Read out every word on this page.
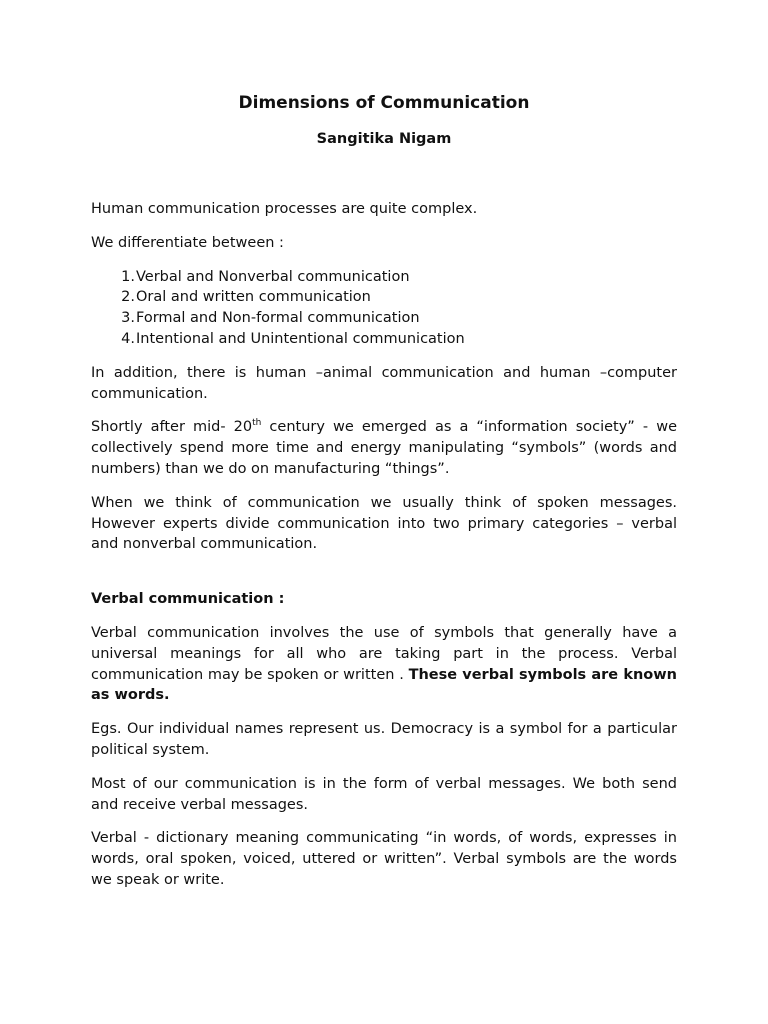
Dimensions of Communication
Sangitika Nigam

Human communication processes are quite complex.

We differentiate between :

1. Verbal and Nonverbal communication
2. Oral and written communication
3. Formal and Non-formal communication
4. Intentional and Unintentional communication

In addition, there is human –animal communication and human –computer communication.

Shortly after mid- 20th century we emerged as a “information society” - we collectively spend more time and energy manipulating “symbols” (words and numbers) than we do on manufacturing “things”.

When we think of communication we usually think of spoken messages. However experts divide communication into two primary categories – verbal and nonverbal communication.

Verbal communication :

Verbal communication involves the use of symbols that generally have a universal meanings for all who are taking part in the process. Verbal communication may be spoken or written . These verbal symbols are known as words.

Egs. Our individual names represent us. Democracy is a symbol for a particular political system.

Most of our communication is in the form of verbal messages. We both send and receive verbal messages.

Verbal - dictionary meaning communicating “in words, of words, expresses in words, oral spoken, voiced, uttered or written”. Verbal symbols are the words we speak or write.
